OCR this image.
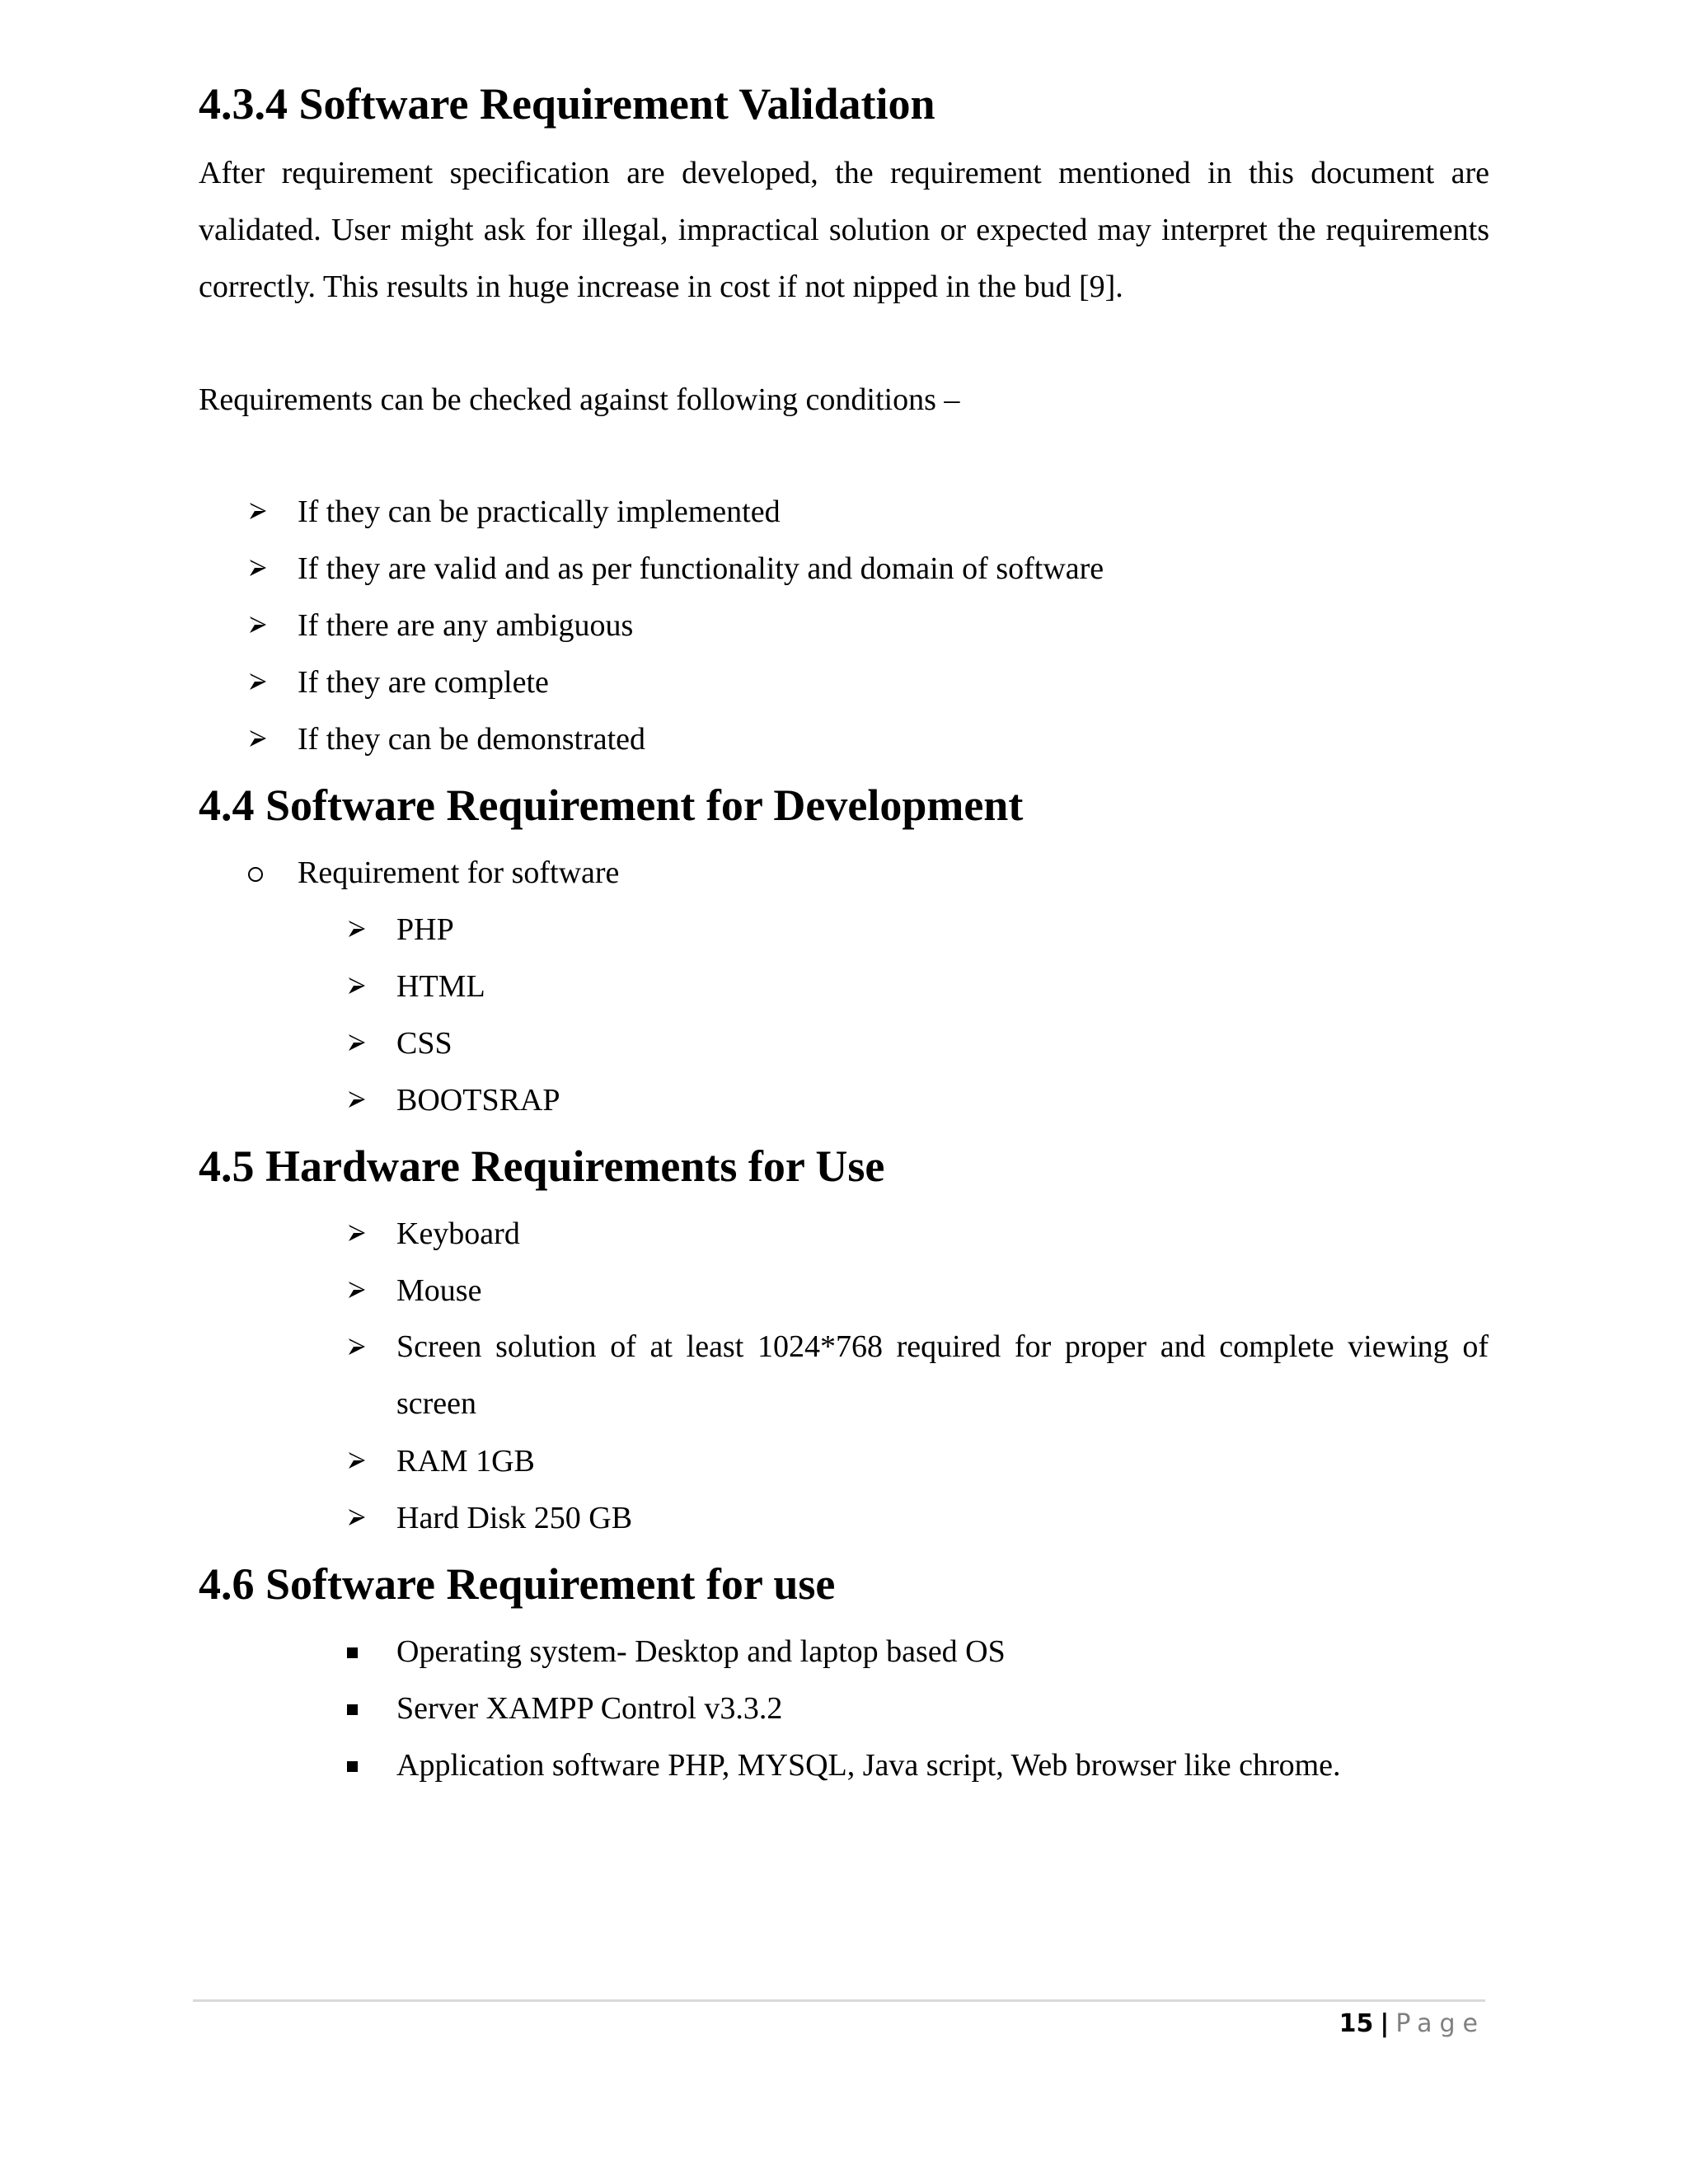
4.3.4 Software Requirement Validation

After requirement specification are developed, the requirement mentioned in this document are validated. User might ask for illegal, impractical solution or expected may interpret the requirements correctly. This results in huge increase in cost if not nipped in the bud [9].

Requirements can be checked against following conditions –

If they can be practically implemented
If they are valid and as per functionality and domain of software
If there are any ambiguous
If they are complete
If they can be demonstrated
4.4 Software Requirement for Development
Requirement for software
PHP
HTML
CSS
BOOTSRAP
4.5 Hardware Requirements for Use
Keyboard
Mouse
Screen solution of at least 1024*768 required for proper and complete viewing of screen
RAM 1GB
Hard Disk 250 GB
4.6 Software Requirement for use
Operating system- Desktop and laptop based OS
Server XAMPP Control v3.3.2
Application software PHP, MYSQL, Java script, Web browser like chrome.
15 | Page
